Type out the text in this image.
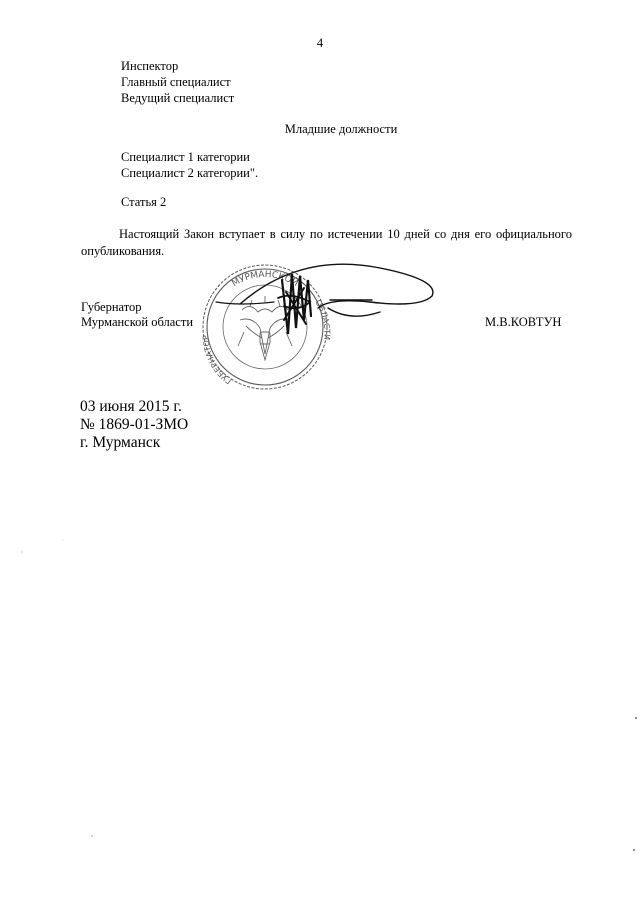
4
Инспектор
Главный специалист
Ведущий специалист
Младшие должности
Специалист 1 категории
Специалист 2 категории".
Статья 2
Настоящий Закон вступает в силу по истечении 10 дней со дня его официального опубликования.
Губернатор
Мурманской области	М.В.КОВТУН
МУРМАНСКОЙ
ГУБЕРНАТОР
ОБЛАСТИ
03 июня 2015 г.
№ 1869-01-ЗМО
г. Мурманск
